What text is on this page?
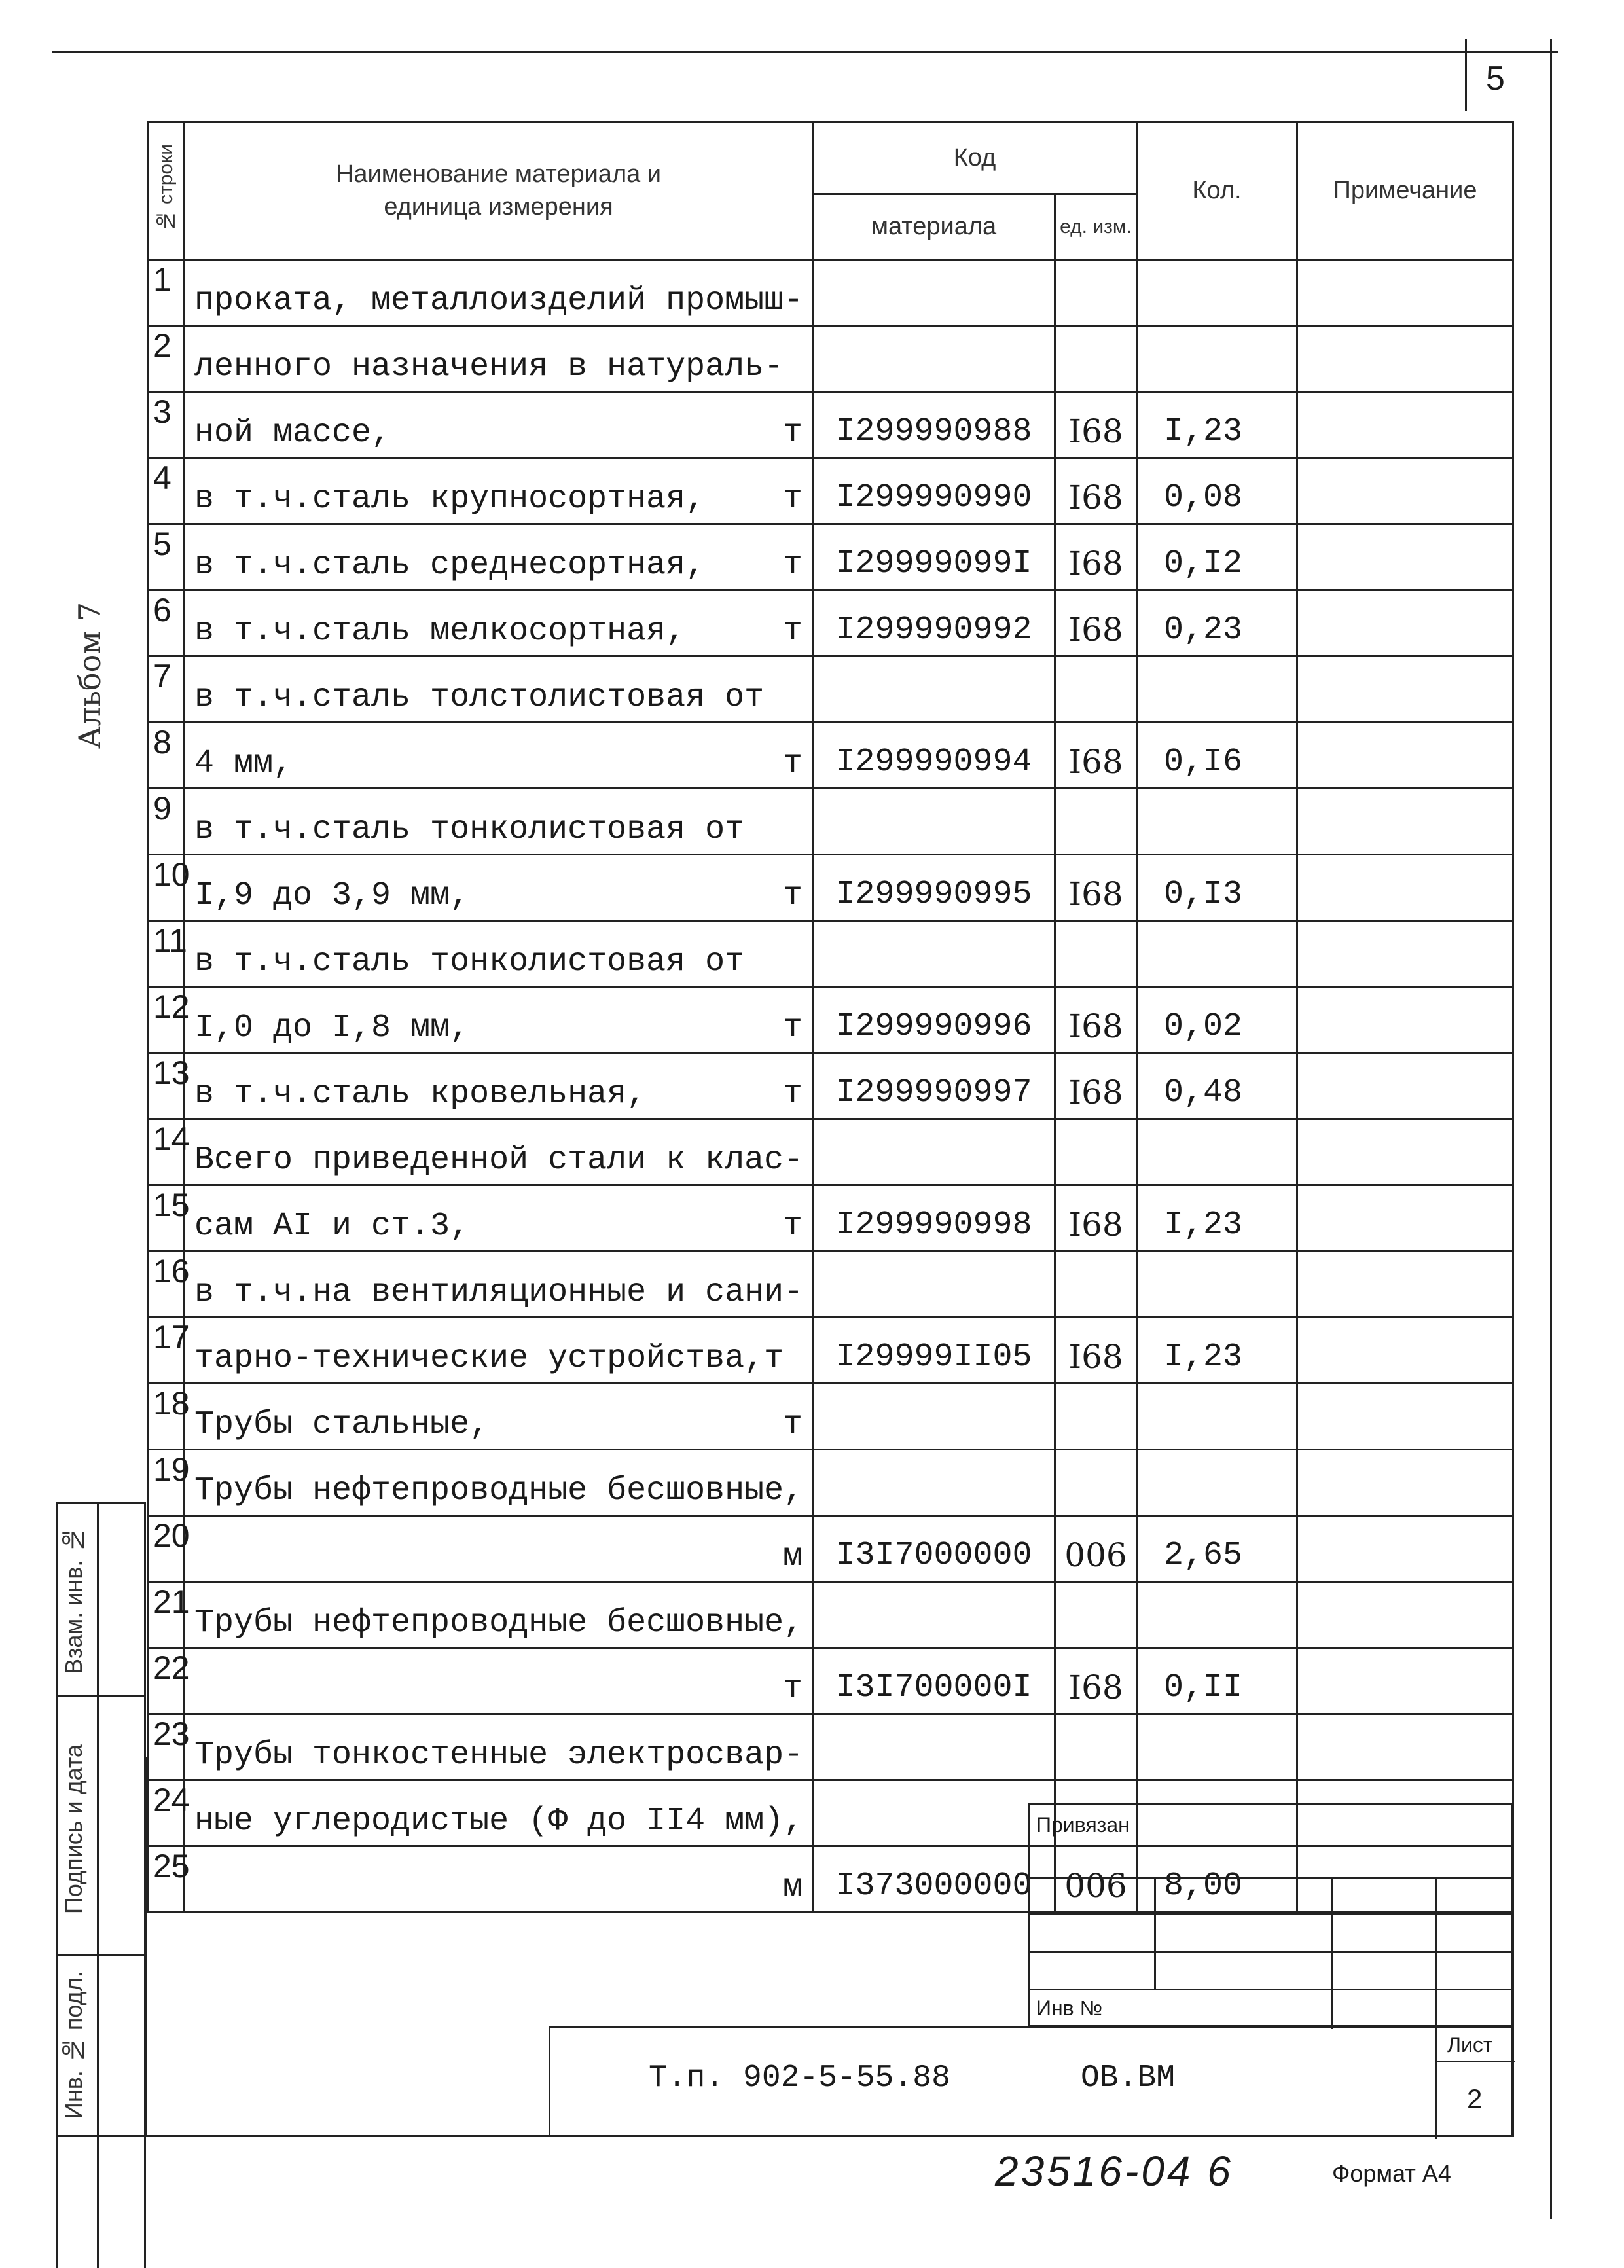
5
Альбом 7
№ строки	Наименование материала и единица измерения	Код		Кол.	Примечание
		материала	ед. изм.		
1	проката, металлоизделий промыш-				

2	ленного назначения в натураль-				

3	ной массе, т	I299990988	I68	I,23	
4	в т.ч.сталь крупносортная, т	I299990990	I68	0,08	
5	в т.ч.сталь среднесортная, т	I29999099I	I68	0,I2	
6	в т.ч.сталь мелкосортная, т	I299990992	I68	0,23	
7	в т.ч.сталь толстолистовая от				

8	4 мм, т	I299990994	I68	0,I6	
9	в т.ч.сталь тонколистовая от				

10	I,9 до 3,9 мм, т	I299990995	I68	0,I3	
11	в т.ч.сталь тонколистовая от				

12	I,0 до I,8 мм, т	I299990996	I68	0,02	
13	в т.ч.сталь кровельная, т	I299990997	I68	0,48	
14	Всего приведенной стали к клас-				

15	сам АI и ст.3, т	I299990998	I68	I,23	
16	в т.ч.на вентиляционные и сани-				

17	тарно-технические устройства,т	I29999II05	I68	I,23	
18	Трубы стальные, т				

19	Трубы нефтепроводные бесшовные,				

20	м	I3I7000000	006	2,65	
21	Трубы нефтепроводные бесшовные,				

22	т	I3I700000I	I68	0,II	
23	Трубы тонкостенные электросвар-				

24	ные углеродистые (Ф до II4 мм),				

25	м	I373000000	006	8,00	
Взам. инв. №
Подпись и дата
Инв. № подл.
Привязан
Инв №
Т.п. 902-5-55.88	ОВ.ВМ
Лист
2
23516-04 6	Формат А4
